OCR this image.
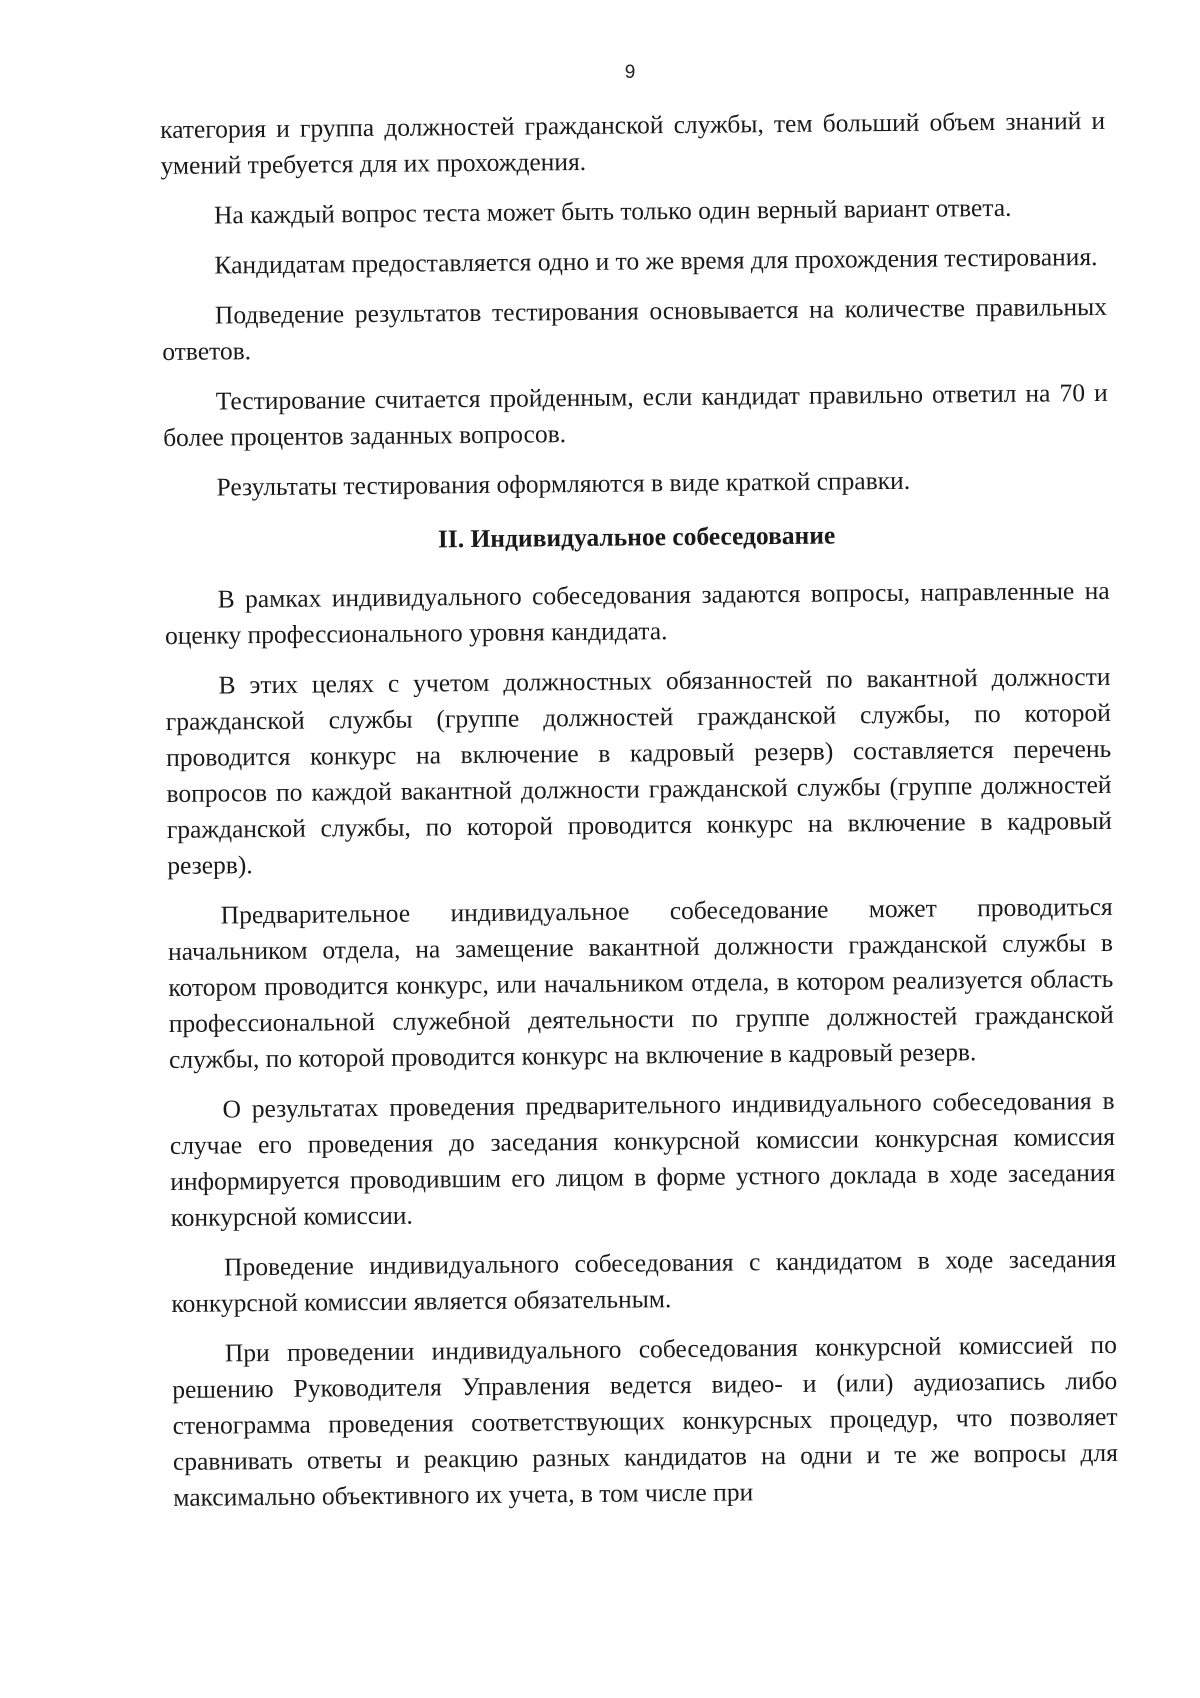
9

категория и группа должностей гражданской службы, тем больший объем знаний и умений требуется для их прохождения.

На каждый вопрос теста может быть только один верный вариант ответа.

Кандидатам предоставляется одно и то же время для прохождения тестирования.

Подведение результатов тестирования основывается на количестве правильных ответов.

Тестирование считается пройденным, если кандидат правильно ответил на 70 и более процентов заданных вопросов.

Результаты тестирования оформляются в виде краткой справки.

II. Индивидуальное собеседование

В рамках индивидуального собеседования задаются вопросы, направленные на оценку профессионального уровня кандидата.

В этих целях с учетом должностных обязанностей по вакантной должности гражданской службы (группе должностей гражданской службы, по которой проводится конкурс на включение в кадровый резерв) составляется перечень вопросов по каждой вакантной должности гражданской службы (группе должностей гражданской службы, по которой проводится конкурс на включение в кадровый резерв).

Предварительное индивидуальное собеседование может проводиться начальником отдела, на замещение вакантной должности гражданской службы в котором проводится конкурс, или начальником отдела, в котором реализуется область профессиональной служебной деятельности по группе должностей гражданской службы, по которой проводится конкурс на включение в кадровый резерв.

О результатах проведения предварительного индивидуального собеседования в случае его проведения до заседания конкурсной комиссии конкурсная комиссия информируется проводившим его лицом в форме устного доклада в ходе заседания конкурсной комиссии.

Проведение индивидуального собеседования с кандидатом в ходе заседания конкурсной комиссии является обязательным.

При проведении индивидуального собеседования конкурсной комиссией по решению Руководителя Управления ведется видео- и (или) аудиозапись либо стенограмма проведения соответствующих конкурсных процедур, что позволяет сравнивать ответы и реакцию разных кандидатов на одни и те же вопросы для максимально объективного их учета, в том числе при
